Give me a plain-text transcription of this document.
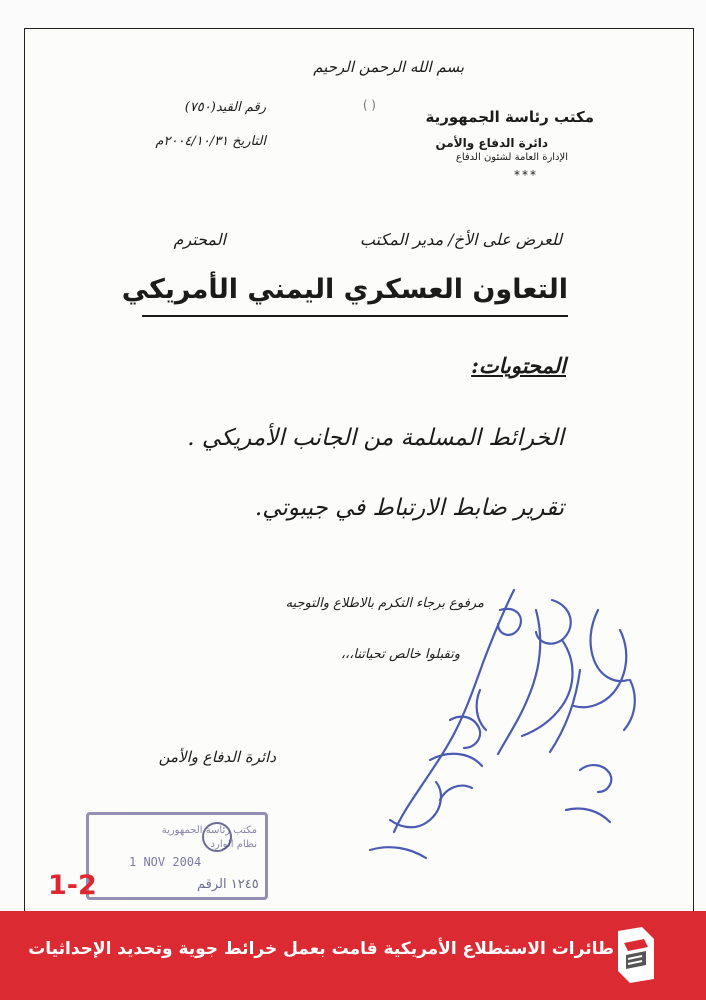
بسم الله الرحمن الرحيم
مكتب رئاسة الجمهورية
دائرة الدفاع والأمن
الإدارة العامة لشئون الدفاع
***
( )
رقم القيد(٧٥٠)
التاريخ ٢٠٠٤/١٠/٣١م
للعرض على الأخ/ مدير المكتب
المحترم
التعاون العسكري اليمني الأمريكي
المحتويات:
الخرائط المسلمة من الجانب الأمريكي .
تقرير ضابط الارتباط في جيبوتي.
مرفوع برجاء التكرم بالاطلاع والتوجيه
وتقبلوا خالص تحياتنا،،،
دائرة الدفاع والأمن
مكتب رئاسة الجمهورية
نظام الوارد
1 NOV 2004
١٢٤٥ الرقم
1-2
طائرات الاستطلاع الأمريكية قامت بعمل خرائط جوية وتحديد الإحداثيات
